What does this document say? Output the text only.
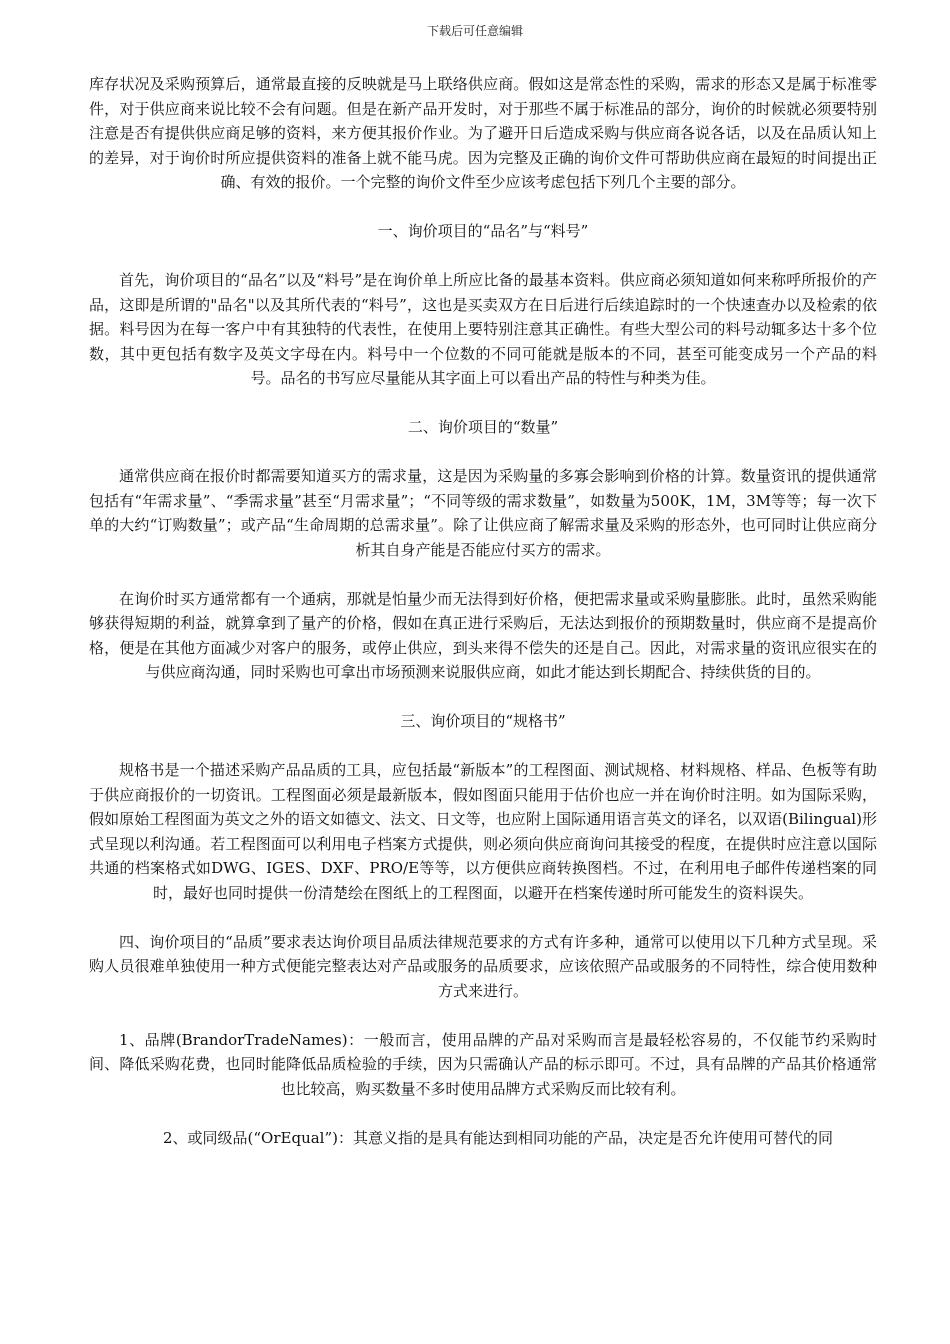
下载后可任意编辑

库存状况及采购预算后，通常最直接的反映就是马上联络供应商。假如这是常态性的采购，需求的形态又是属于标准零件，对于供应商来说比较不会有问题。但是在新产品开发时，对于那些不属于标准品的部分，询价的时候就必须要特别注意是否有提供供应商足够的资料，来方便其报价作业。为了避开日后造成采购与供应商各说各话，以及在品质认知上的差异，对于询价时所应提供资料的准备上就不能马虎。因为完整及正确的询价文件可帮助供应商在最短的时间提出正确、有效的报价。一个完整的询价文件至少应该考虑包括下列几个主要的部分。

一、询价项目的“品名”与“料号”

首先，询价项目的“品名”以及“料号”是在询价单上所应比备的最基本资料。供应商必须知道如何来称呼所报价的产品，这即是所谓的"品名"以及其所代表的“料号”，这也是买卖双方在日后进行后续追踪时的一个快速查办以及检索的依据。料号因为在每一客户中有其独特的代表性，在使用上要特别注意其正确性。有些大型公司的料号动辄多达十多个位数，其中更包括有数字及英文字母在内。料号中一个位数的不同可能就是版本的不同，甚至可能变成另一个产品的料号。品名的书写应尽量能从其字面上可以看出产品的特性与种类为佳。

二、询价项目的“数量”

通常供应商在报价时都需要知道买方的需求量，这是因为采购量的多寡会影响到价格的计算。数量资讯的提供通常包括有“年需求量”、“季需求量”甚至“月需求量”；“不同等级的需求数量”，如数量为500K，1M，3M等等；每一次下单的大约“订购数量”；或产品“生命周期的总需求量”。除了让供应商了解需求量及采购的形态外，也可同时让供应商分析其自身产能是否能应付买方的需求。

在询价时买方通常都有一个通病，那就是怕量少而无法得到好价格，便把需求量或采购量膨胀。此时，虽然采购能够获得短期的利益，就算拿到了量产的价格，假如在真正进行采购后，无法达到报价的预期数量时，供应商不是提高价格，便是在其他方面减少对客户的服务，或停止供应，到头来得不偿失的还是自己。因此，对需求量的资讯应很实在的与供应商沟通，同时采购也可拿出市场预测来说服供应商，如此才能达到长期配合、持续供货的目的。

三、询价项目的“规格书”

规格书是一个描述采购产品品质的工具，应包括最“新版本”的工程图面、测试规格、材料规格、样品、色板等有助于供应商报价的一切资讯。工程图面必须是最新版本，假如图面只能用于估价也应一并在询价时注明。如为国际采购，假如原始工程图面为英文之外的语文如德文、法文、日文等，也应附上国际通用语言英文的译名，以双语(Bilingual)形式呈现以利沟通。若工程图面可以利用电子档案方式提供，则必须向供应商询问其接受的程度，在提供时应注意以国际共通的档案格式如DWG、IGES、DXF、PRO/E等等，以方便供应商转换图档。不过，在利用电子邮件传递档案的同时，最好也同时提供一份清楚绘在图纸上的工程图面，以避开在档案传递时所可能发生的资料误失。

四、询价项目的“品质”要求表达询价项目品质法律规范要求的方式有许多种，通常可以使用以下几种方式呈现。采购人员很难单独使用一种方式便能完整表达对产品或服务的品质要求，应该依照产品或服务的不同特性，综合使用数种方式来进行。

1、品牌(BrandorTradeNames)：一般而言，使用品牌的产品对采购而言是最轻松容易的，不仅能节约采购时间、降低采购花费，也同时能降低品质检验的手续，因为只需确认产品的标示即可。不过，具有品牌的产品其价格通常也比较高，购买数量不多时使用品牌方式采购反而比较有利。

2、或同级品(“OrEqual”)：其意义指的是具有能达到相同功能的产品，决定是否允许使用可替代的同
